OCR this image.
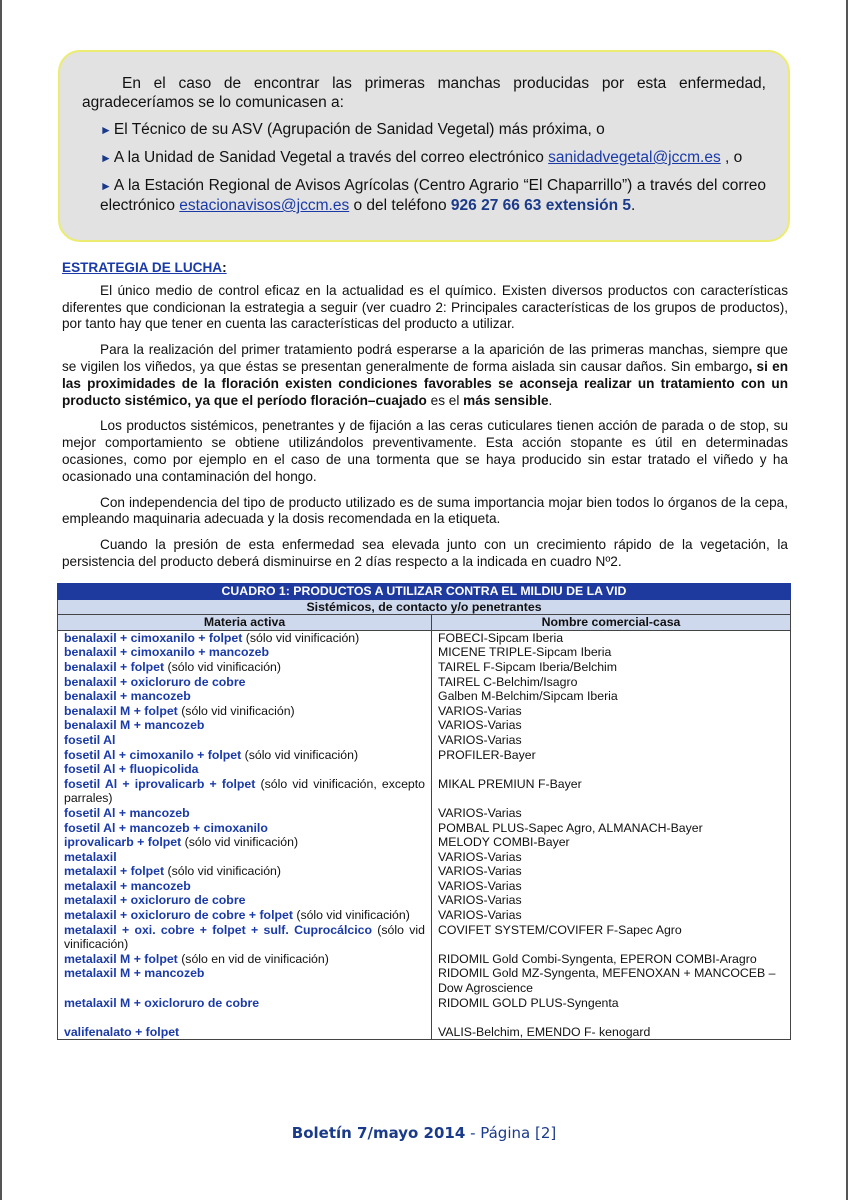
En el caso de encontrar las primeras manchas producidas por esta enfermedad, agradeceríamos se lo comunicasen a:

► El Técnico de su ASV (Agrupación de Sanidad Vegetal) más próxima, o
► A la Unidad de Sanidad Vegetal a través del correo electrónico sanidadvegetal@jccm.es , o
► A la Estación Regional de Avisos Agrícolas (Centro Agrario “El Chaparrillo”) a través del correo electrónico estacionavisos@jccm.es o del teléfono 926 27 66 63 extensión 5.
ESTRATEGIA DE LUCHA:

El único medio de control eficaz en la actualidad es el químico. Existen diversos productos con características diferentes que condicionan la estrategia a seguir (ver cuadro 2: Principales características de los grupos de productos), por tanto hay que tener en cuenta las características del producto a utilizar.

Para la realización del primer tratamiento podrá esperarse a la aparición de las primeras manchas, siempre que se vigilen los viñedos, ya que éstas se presentan generalmente de forma aislada sin causar daños. Sin embargo, si en las proximidades de la floración existen condiciones favorables se aconseja realizar un tratamiento con un producto sistémico, ya que el período floración–cuajado es el más sensible.

Los productos sistémicos, penetrantes y de fijación a las ceras cuticulares tienen acción de parada o de stop, su mejor comportamiento se obtiene utilizándolos preventivamente. Esta acción stopante es útil en determinadas ocasiones, como por ejemplo en el caso de una tormenta que se haya producido sin estar tratado el viñedo y ha ocasionado una contaminación del hongo.

Con independencia del tipo de producto utilizado es de suma importancia mojar bien todos lo órganos de la cepa, empleando maquinaria adecuada y la dosis recomendada en la etiqueta.

Cuando la presión de esta enfermedad sea elevada junto con un crecimiento rápido de la vegetación, la persistencia del producto deberá disminuirse en 2 días respecto a la indicada en cuadro Nº2.

CUADRO 1: PRODUCTOS A UTILIZAR CONTRA EL MILDIU DE LA VID	
Sistémicos, de contacto y/o penetrantes	
Materia activa	Nombre comercial-casa
benalaxil + cimoxanilo + folpet (sólo vid vinificación)	FOBECI-Sipcam Iberia
benalaxil + cimoxanilo + mancozeb	MICENE TRIPLE-Sipcam Iberia
benalaxil + folpet (sólo vid vinificación)	TAIREL F-Sipcam Iberia/Belchim
benalaxil + oxicloruro de cobre	TAIREL C-Belchim/Isagro
benalaxil + mancozeb	Galben M-Belchim/Sipcam Iberia
benalaxil M + folpet (sólo vid vinificación)	VARIOS-Varias
benalaxil M + mancozeb	VARIOS-Varias
fosetil Al	VARIOS-Varias
fosetil Al + cimoxanilo + folpet (sólo vid vinificación)	PROFILER-Bayer
fosetil Al + fluopicolida	
fosetil Al + iprovalicarb + folpet (sólo vid vinificación, excepto parrales)	MIKAL PREMIUN F-Bayer
fosetil Al + mancozeb	VARIOS-Varias
fosetil Al + mancozeb + cimoxanilo	POMBAL PLUS-Sapec Agro, ALMANACH-Bayer
iprovalicarb + folpet (sólo vid vinificación)	MELODY COMBI-Bayer
metalaxil	VARIOS-Varias
metalaxil + folpet (sólo vid vinificación)	VARIOS-Varias
metalaxil + mancozeb	VARIOS-Varias
metalaxil + oxicloruro de cobre	VARIOS-Varias
metalaxil + oxicloruro de cobre + folpet (sólo vid vinificación)	VARIOS-Varias
metalaxil + oxi. cobre + folpet + sulf. Cuprocálcico (sólo vid vinificación)	COVIFET SYSTEM/COVIFER F-Sapec Agro
metalaxil M + folpet (sólo en vid de vinificación)	RIDOMIL Gold Combi-Syngenta, EPERON COMBI-Aragro
metalaxil M + mancozeb	RIDOMIL Gold MZ-Syngenta, MEFENOXAN + MANCOCEB – Dow Agroscience
metalaxil M + oxicloruro de cobre	RIDOMIL GOLD PLUS-Syngenta
valifenalato + folpet	VALIS-Belchim, EMENDO F- kenogard
Boletín 7/mayo 2014 - Página [2]
